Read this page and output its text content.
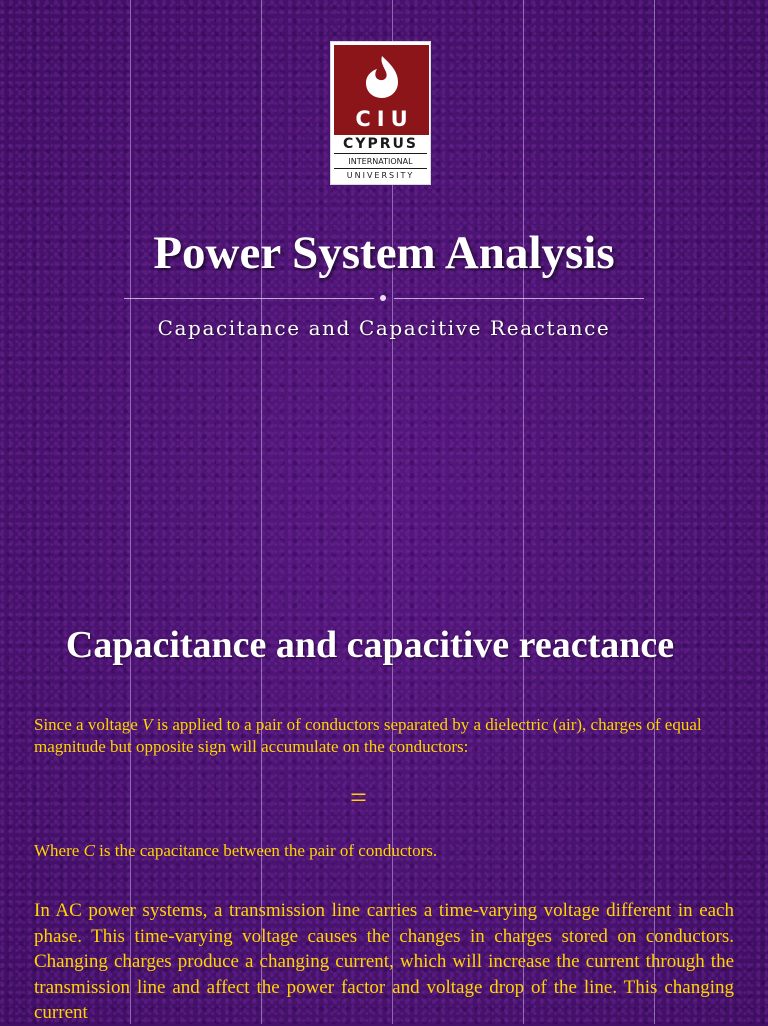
CIU
CYPRUS
INTERNATIONAL
UNIVERSITY
Power System Analysis
Capacitance and Capacitive Reactance
Capacitance and capacitive reactance
Since a voltage V is applied to a pair of conductors separated by a dielectric (air), charges of equal magnitude but opposite sign will accumulate on the conductors:
=
Where C is the capacitance between the pair of conductors.
In AC power systems, a transmission line carries a time-varying voltage different in each phase. This time-varying voltage causes the changes in charges stored on conductors. Changing charges produce a changing current, which will increase the current through the transmission line and affect the power factor and voltage drop of the line. This changing current
